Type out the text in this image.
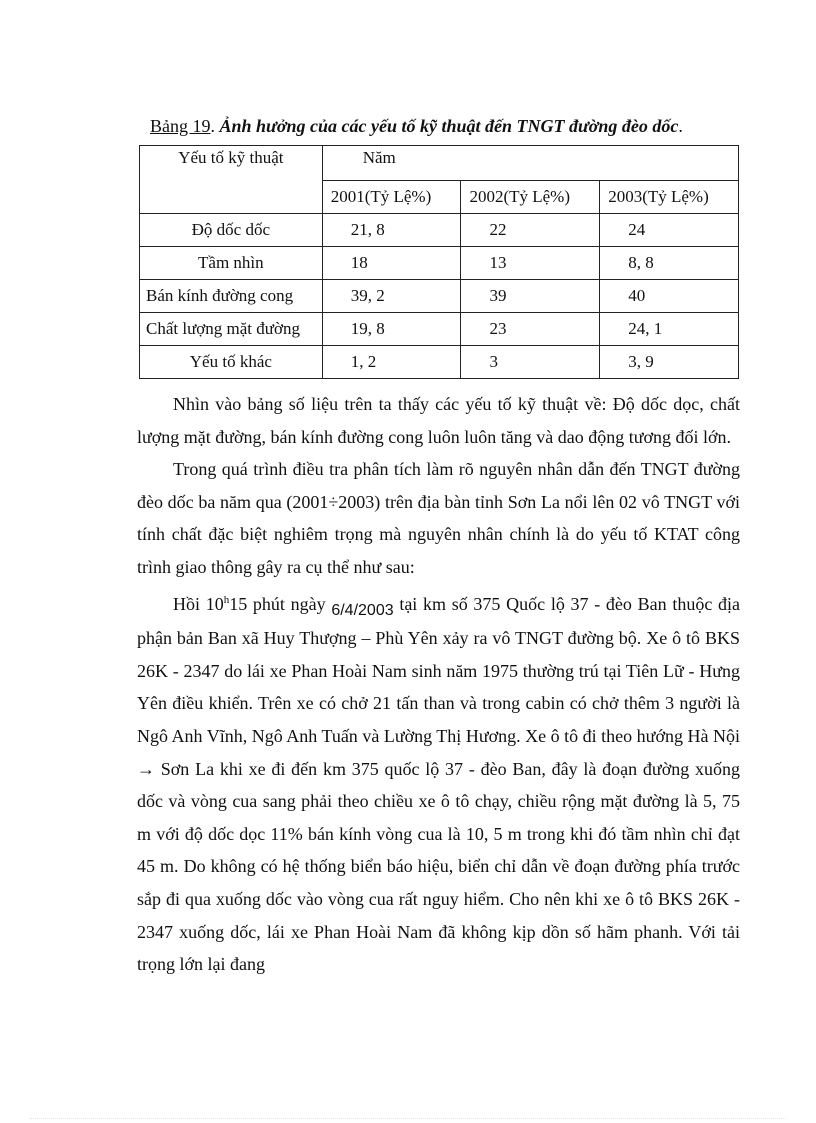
Bảng 19. Ảnh hưởng của các yếu tố kỹ thuật đến TNGT đường đèo dốc.
Yếu tố kỹ thuật	Năm		
	2001(Tỷ Lệ%)	2002(Tỷ Lệ%)	2003(Tỷ Lệ%)
Độ dốc dốc	21, 8	22	24
Tầm nhìn	18	13	8, 8
Bán kính đường cong	39, 2	39	40
Chất lượng mặt đường	19, 8	23	24, 1
Yếu tố khác	1, 2	3	3, 9

Nhìn vào bảng số liệu trên ta thấy các yếu tố kỹ thuật về: Độ dốc dọc, chất lượng mặt đường, bán kính đường cong luôn luôn tăng và dao động tương đối lớn.

Trong quá trình điều tra phân tích làm rõ nguyên nhân dẫn đến TNGT đường đèo dốc ba năm qua (2001÷2003) trên địa bàn tỉnh Sơn La nổi lên 02 vô TNGT với tính chất đặc biệt nghiêm trọng mà nguyên nhân chính là do yếu tố KTAT công trình giao thông gây ra cụ thể như sau:

Hồi 10$^h$15 phút ngày 6/4/2003 tại km số 375 Quốc lộ 37 - đèo Ban thuộc địa phận bản Ban xã Huy Thượng – Phù Yên xảy ra vô TNGT đường bộ. Xe ô tô BKS 26K - 2347 do lái xe Phan Hoài Nam sinh năm 1975 thường trú tại Tiên Lữ - Hưng Yên điều khiển. Trên xe có chở 21 tấn than và trong cabin có chở thêm 3 người là Ngô Anh Vĩnh, Ngô Anh Tuấn và Lường Thị Hương. Xe ô tô đi theo hướng Hà Nội → Sơn La khi xe đi đến km 375 quốc lộ 37 - đèo Ban, đây là đoạn đường xuống dốc và vòng cua sang phải theo chiều xe ô tô chạy, chiều rộng mặt đường là 5, 75 m với độ dốc dọc 11% bán kính vòng cua là 10, 5 m trong khi đó tầm nhìn chỉ đạt 45 m. Do không có hệ thống biển báo hiệu, biển chỉ dẫn về đoạn đường phía trước sắp đi qua xuống dốc vào vòng cua rất nguy hiểm. Cho nên khi xe ô tô BKS 26K - 2347 xuống dốc, lái xe Phan Hoài Nam đã không kịp dồn số hãm phanh. Với tải trọng lớn lại đang
